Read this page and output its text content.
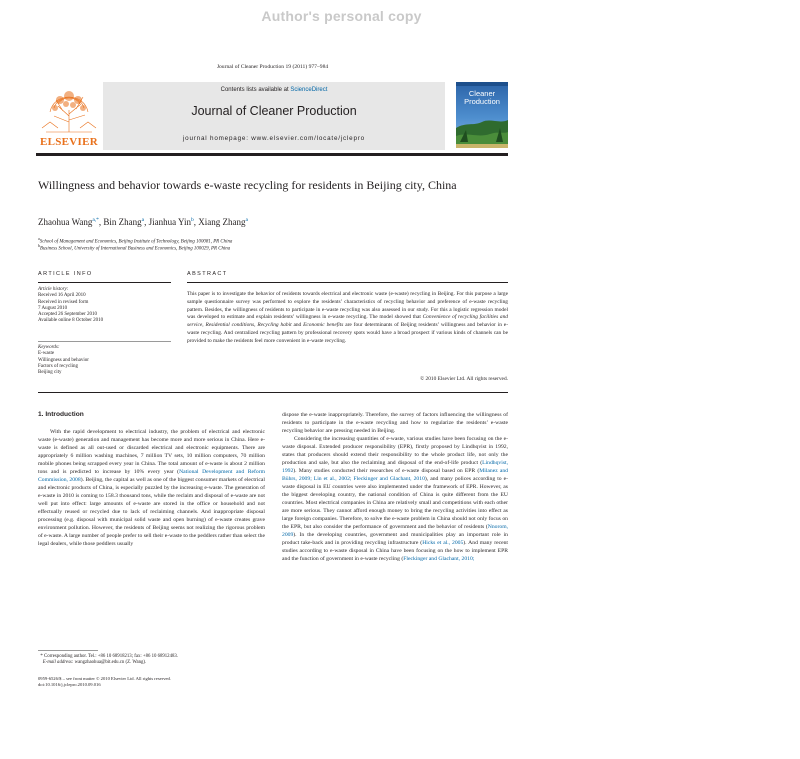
Author's personal copy
Journal of Cleaner Production 19 (2011) 977–984
ELSEVIER
Contents lists available at ScienceDirect
Journal of Cleaner Production
journal homepage: www.elsevier.com/locate/jclepro
Cleaner
Production
Willingness and behavior towards e-waste recycling for residents in Beijing city, China
Zhaohua Wang$^{a,*}$, Bin Zhang$^a$, Jianhua Yin$^b$, Xiang Zhang$^a$
$^a$School of Management and Economics, Beijing Institute of Technology, Beijing 100081, PR China
$^b$Business School, University of International Business and Economics, Beijing 100029, PR China
ARTICLE INFO
Article history:
Received 16 April 2010
Received in revised form
7 August 2010
Accepted 26 September 2010
Available online 8 October 2010
Keywords:
E-waste
Willingness and behavior
Factors of recycling
Beijing city
ABSTRACT
This paper is to investigate the behavior of residents towards electrical and electronic waste (e-waste) recycling in Beijing. For this purpose a large sample questionnaire survey was performed to explore the residents’ characteristics of recycling behavior and preference of e-waste recycling pattern. Besides, the willingness of residents to participate in e-waste recycling was also assessed in our study. For this a logistic regression model was developed to estimate and explain residents’ willingness in e-waste recycling. The model showed that Convenience of recycling facilities and service, Residential conditions, Recycling habit and Economic benefits are four determinants of Beijing residents’ willingness and behavior in e-waste recycling. And centralized recycling pattern by professional recovery spots would have a broad prospect if various kinds of channels can be provided to make the residents feel more convenient in e-waste recycling.
© 2010 Elsevier Ltd. All rights reserved.
1. Introduction

With the rapid development to electrical industry, the problem of electrical and electronic waste (e-waste) generation and management has become more and more serious in China. Here e-waste is defined as all out-used or discarded electrical and electronic equipments. There are appropriately 6 million washing machines, 7 million TV sets, 10 million computers, 70 million mobile phones being scrapped every year in China. The total amount of e-waste is about 2 million tons and is predicted to increase by 10% every year (National Development and Reform Commission, 2008). Beijing, the capital as well as one of the biggest consumer markets of electrical and electronic products of China, is especially puzzled by the increasing e-waste. The generation of e-waste in 2010 is coming to 158.3 thousand tons, while the reclaim and disposal of e-waste are not well put into effect: large amounts of e-waste are stored in the office or household and not effectually reused or recycled due to lack of reclaiming channels. And inappropriate disposal processing (e.g. disposal with municipal solid waste and open burning) of e-waste creates grave environment pollution. However, the residents of Beijing seems not realizing the rigorous problem of e-waste. A large number of people prefer to sell their e-waste to the peddlers rather than select the legal dealers, while those peddlers usually

dispose the e-waste inappropriately. Therefore, the survey of factors influencing the willingness of residents to participate in the e-waste recycling and how to regularize the residents’ e-waste recycling behavior are pressing needed in Beijing.

Considering the increasing quantities of e-waste, various studies have been focusing on the e-waste disposal. Extended producer responsibility (EPR), firstly proposed by Lindhqvist in 1992, states that producers should extend their responsibility to the whole product life, not only the production and sale, but also the reclaiming and disposal of the end-of-life product (Lindhqvist, 1992). Many studies conducted their researches of e-waste disposal based on EPR (Milanez and Bührs, 2009; Lin et al., 2002; Fleckinger and Glachant, 2010), and many polices according to e-waste disposal in EU countries were also implemented under the framework of EPR. However, as the biggest developing country, the national condition of China is quite different from the EU countries. Most electrical companies in China are relatively small and competitions with each other are more serious. They cannot afford enough money to bring the recycling activities into effect as large foreign companies. Therefore, to solve the e-waste problem in China should not only focus on the EPR, but also consider the performance of government and the behavior of residents (Nnorom, 2009). In the developing countries, government and municipalities play an important role in product take-back and in providing recycling infrastructure (Hicks et al., 2005). And many recent studies according to e-waste disposal in China have been focusing on the how to implement EPR and the function of government in e-waste recycling (Fleckinger and Glachant, 2010;

* Corresponding author. Tel.: +86 10 68918213; fax: +86 10 68912483.
E-mail address: wangzhaohua@bit.edu.cn (Z. Wang).
0959-6526/$ – see front matter © 2010 Elsevier Ltd. All rights reserved.
doi:10.1016/j.jclepro.2010.09.016
